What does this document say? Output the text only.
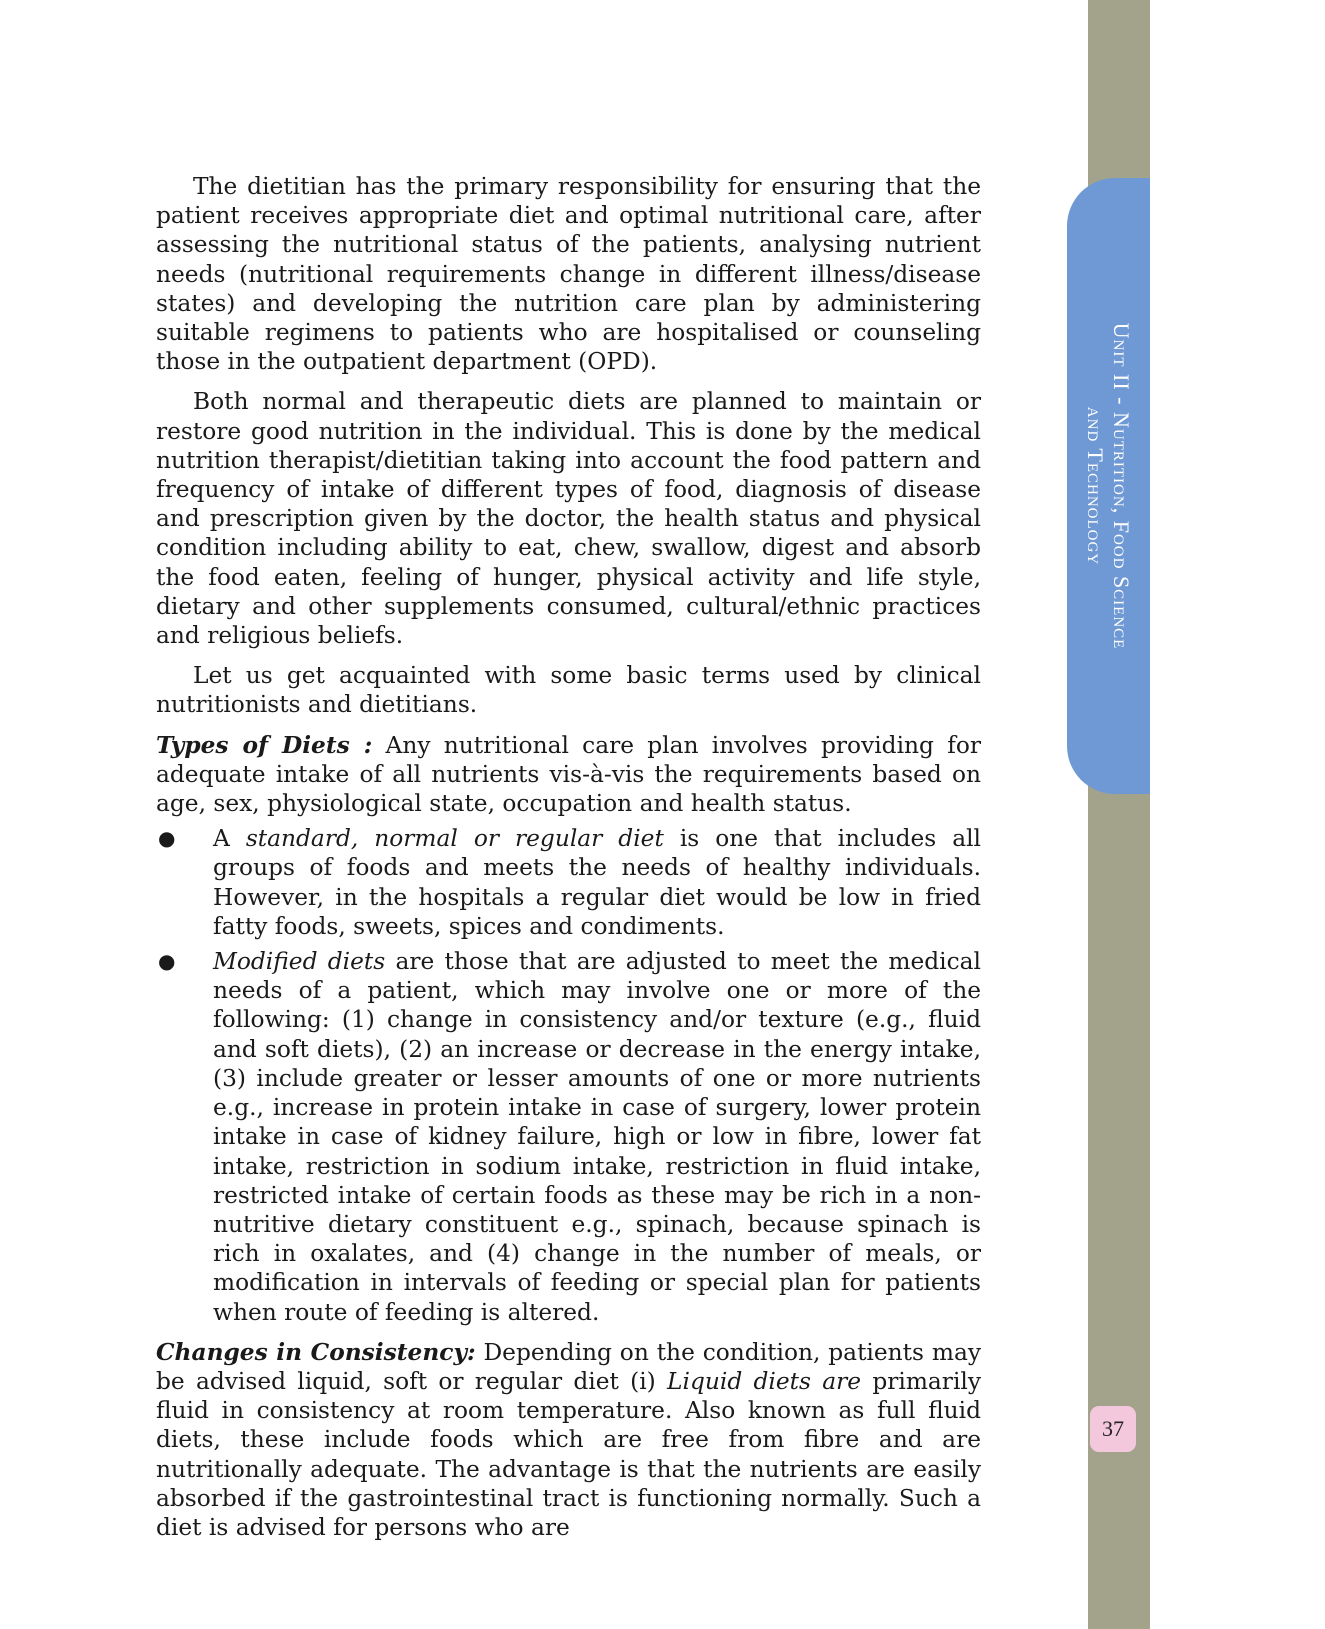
Unit II - Nutrition, Food Science
and Technology
37

The dietitian has the primary responsibility for ensuring that the patient receives appropriate diet and optimal nutritional care, after assessing the nutritional status of the patients, analysing nutrient needs (nutritional requirements change in different illness/disease states) and developing the nutrition care plan by administering suitable regimens to patients who are hospitalised or counseling those in the outpatient department (OPD).

Both normal and therapeutic diets are planned to maintain or restore good nutrition in the individual. This is done by the medical nutrition therapist/dietitian taking into account the food pattern and frequency of intake of different types of food, diagnosis of disease and prescription given by the doctor, the health status and physical condition including ability to eat, chew, swallow, digest and absorb the food eaten, feeling of hunger, physical activity and life style, dietary and other supplements consumed, cultural/ethnic practices and religious beliefs.

Let us get acquainted with some basic terms used by clinical nutritionists and dietitians.

Types of Diets : Any nutritional care plan involves providing for adequate intake of all nutrients vis-à-vis the requirements based on age, sex, physiological state, occupation and health status.

● A standard, normal or regular diet is one that includes all groups of foods and meets the needs of healthy individuals. However, in the hospitals a regular diet would be low in fried fatty foods, sweets, spices and condiments.
● Modified diets are those that are adjusted to meet the medical needs of a patient, which may involve one or more of the following: (1) change in consistency and/or texture (e.g., fluid and soft diets), (2) an increase or decrease in the energy intake, (3) include greater or lesser amounts of one or more nutrients e.g., increase in protein intake in case of surgery, lower protein intake in case of kidney failure, high or low in fibre, lower fat intake, restriction in sodium intake, restriction in fluid intake, restricted intake of certain foods as these may be rich in a non-nutritive dietary constituent e.g., spinach, because spinach is rich in oxalates, and (4) change in the number of meals, or modification in intervals of feeding or special plan for patients when route of feeding is altered.

Changes in Consistency: Depending on the condition, patients may be advised liquid, soft or regular diet (i) Liquid diets are primarily fluid in consistency at room temperature. Also known as full fluid diets, these include foods which are free from fibre and are nutritionally adequate. The advantage is that the nutrients are easily absorbed if the gastrointestinal tract is functioning normally. Such a diet is advised for persons who are
